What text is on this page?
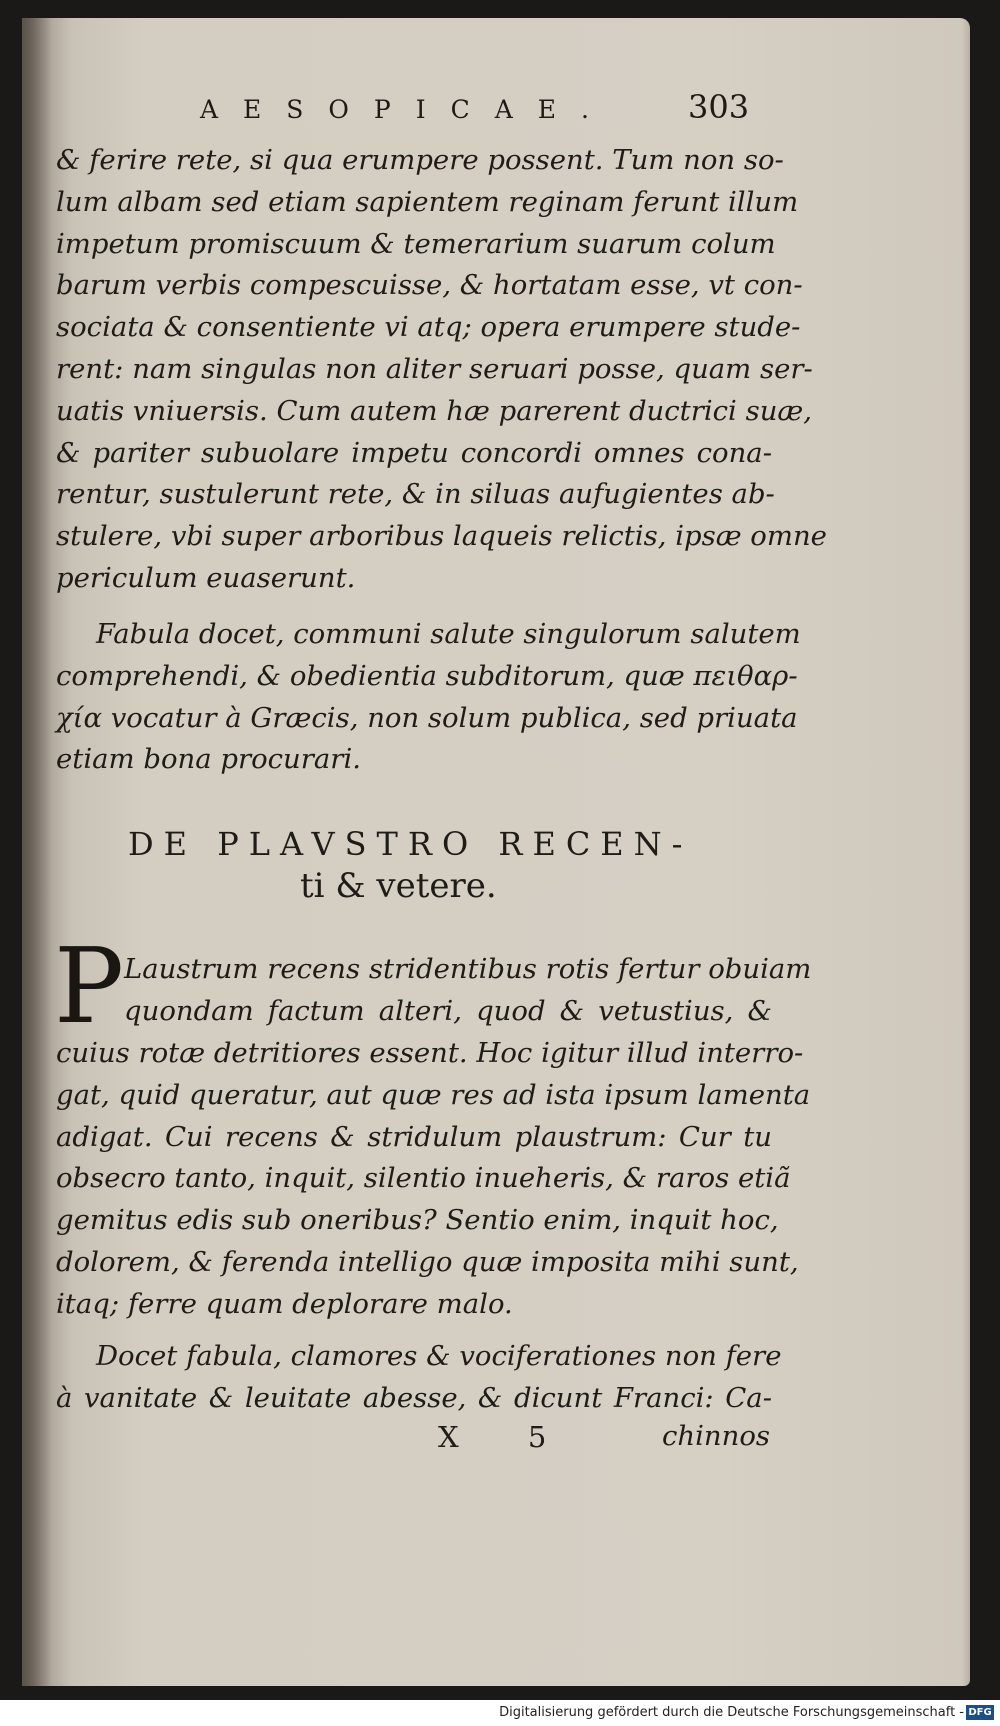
AESOPICAE. 303
& ferire rete, si qua erumpere possent. Tum non so-
lum albam sed etiam sapientem reginam ferunt illum
impetum promiscuum & temerarium suarum colum
barum verbis compescuisse, & hortatam esse, vt con-
sociata & consentiente vi atq; opera erumpere stude-
rent: nam singulas non aliter seruari posse, quam ser-
uatis vniuersis. Cum autem hæ parerent ductrici suæ,
& pariter subuolare impetu concordi omnes cona-
rentur, sustulerunt rete, & in siluas aufugientes ab-
stulere, vbi super arboribus laqueis relictis, ipsæ omne
periculum euaserunt.
Fabula docet, communi salute singulorum salutem
comprehendi, & obedientia subditorum, quæ πειθαρ-
χία vocatur à Græcis, non solum publica, sed priuata
etiam bona procurari.
DE PLAVSTRO RECEN-
ti & vetere.
P Laustrum recens stridentibus rotis fertur obuiam
quondam factum alteri, quod & vetustius, &
cuius rotæ detritiores essent. Hoc igitur illud interro-
gat, quid queratur, aut quæ res ad ista ipsum lamenta
adigat. Cui recens & stridulum plaustrum: Cur tu
obsecro tanto, inquit, silentio inueheris, & raros etiã
gemitus edis sub oneribus? Sentio enim, inquit hoc,
dolorem, & ferenda intelligo quæ imposita mihi sunt,
itaq; ferre quam deplorare malo.
Docet fabula, clamores & vociferationes non fere
à vanitate & leuitate abesse, & dicunt Franci: Ca-
X 5	chinnos
Digitalisierung gefördert durch die Deutsche Forschungsgemeinschaft - DFG
